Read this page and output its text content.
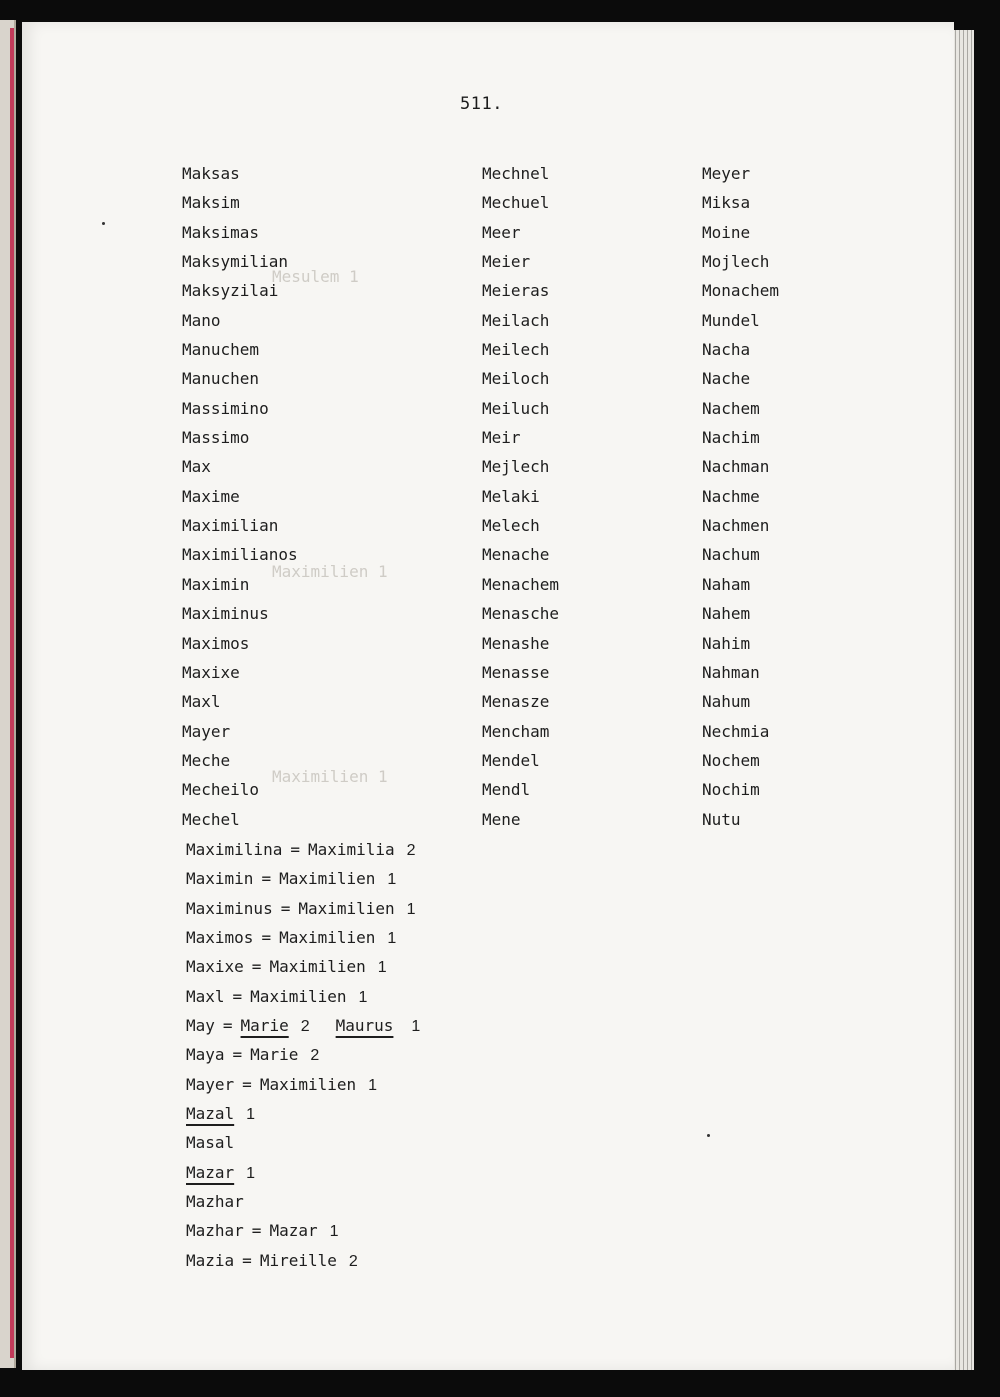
Mesulem 1
Maximilien 1
Maximilien 1
511.
Maksas
Maksim
Maksimas
Maksymilian
Maksyzilai
Mano
Manuchem
Manuchen
Massimino
Massimo
Max
Maxime
Maximilian
Maximilianos
Maximin
Maximinus
Maximos
Maxixe
Maxl
Mayer
Meche
Mecheilo
Mechel
Mechnel
Mechuel
Meer
Meier
Meieras
Meilach
Meilech
Meiloch
Meiluch
Meir
Mejlech
Melaki
Melech
Menache
Menachem
Menasche
Menashe
Menasse
Menasze
Mencham
Mendel
Mendl
Mene
Meyer
Miksa
Moine
Mojlech
Monachem
Mundel
Nacha
Nache
Nachem
Nachim
Nachman
Nachme
Nachmen
Nachum
Naham
Nahem
Nahim
Nahman
Nahum
Nechmia
Nochem
Nochim
Nutu
Maximilina = Maximilia 2
Maximin = Maximilien 1
Maximinus = Maximilien 1
Maximos = Maximilien 1
Maxixe = Maximilien 1
Maxl = Maximilien 1
May = Marie 2 Maurus 1
Maya = Marie 2
Mayer = Maximilien 1
Mazal 1
Masal
Mazar 1
Mazhar
Mazhar = Mazar 1
Mazia = Mireille 2
